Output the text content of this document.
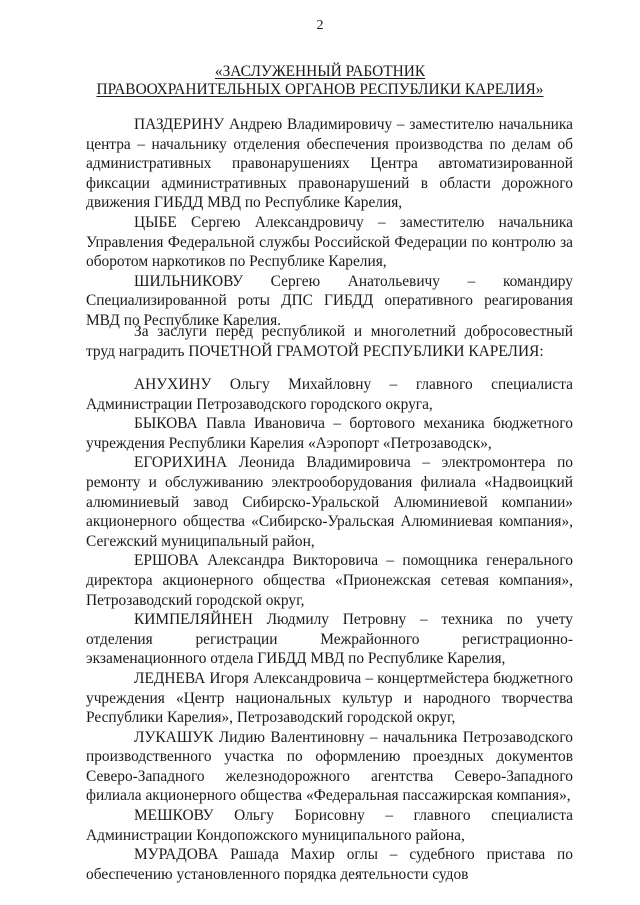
2
«ЗАСЛУЖЕННЫЙ РАБОТНИК
ПРАВООХРАНИТЕЛЬНЫХ ОРГАНОВ РЕСПУБЛИКИ КАРЕЛИЯ»

ПАЗДЕРИНУ Андрею Владимировичу – заместителю начальника центра – начальнику отделения обеспечения производства по делам об административных правонарушениях Центра автоматизированной фиксации административных правонарушений в области дорожного движения ГИБДД МВД по Республике Карелия,

ЦЫБЕ Сергею Александровичу – заместителю начальника Управления Федеральной службы Российской Федерации по контролю за оборотом наркотиков по Республике Карелия,

ШИЛЬНИКОВУ Сергею Анатольевичу – командиру Специализированной роты ДПС ГИБДД оперативного реагирования МВД по Республике Карелия.

За заслуги перед республикой и многолетний добросовестный труд наградить ПОЧЕТНОЙ ГРАМОТОЙ РЕСПУБЛИКИ КАРЕЛИЯ:

АНУХИНУ Ольгу Михайловну – главного специалиста Администрации Петрозаводского городского округа,

БЫКОВА Павла Ивановича – бортового механика бюджетного учреждения Республики Карелия «Аэропорт «Петрозаводск»,

ЕГОРИХИНА Леонида Владимировича – электромонтера по ремонту и обслуживанию электрооборудования филиала «Надвоицкий алюминиевый завод Сибирско-Уральской Алюминиевой компании» акционерного общества «Сибирско-Уральская Алюминиевая компания», Сегежский муниципальный район,

ЕРШОВА Александра Викторовича – помощника генерального директора акционерного общества «Прионежская сетевая компания», Петрозаводский городской округ,

КИМПЕЛЯЙНЕН Людмилу Петровну – техника по учету отделения регистрации Межрайонного регистрационно-экзаменационного отдела ГИБДД МВД по Республике Карелия,

ЛЕДНЕВА Игоря Александровича – концертмейстера бюджетного учреждения «Центр национальных культур и народного творчества Республики Карелия», Петрозаводский городской округ,

ЛУКАШУК Лидию Валентиновну – начальника Петрозаводского производственного участка по оформлению проездных документов Северо-Западного железнодорожного агентства Северо-Западного филиала акционерного общества «Федеральная пассажирская компания»,

МЕШКОВУ Ольгу Борисовну – главного специалиста Администрации Кондопожского муниципального района,

МУРАДОВА Рашада Махир оглы – судебного пристава по обеспечению установленного порядка деятельности судов
